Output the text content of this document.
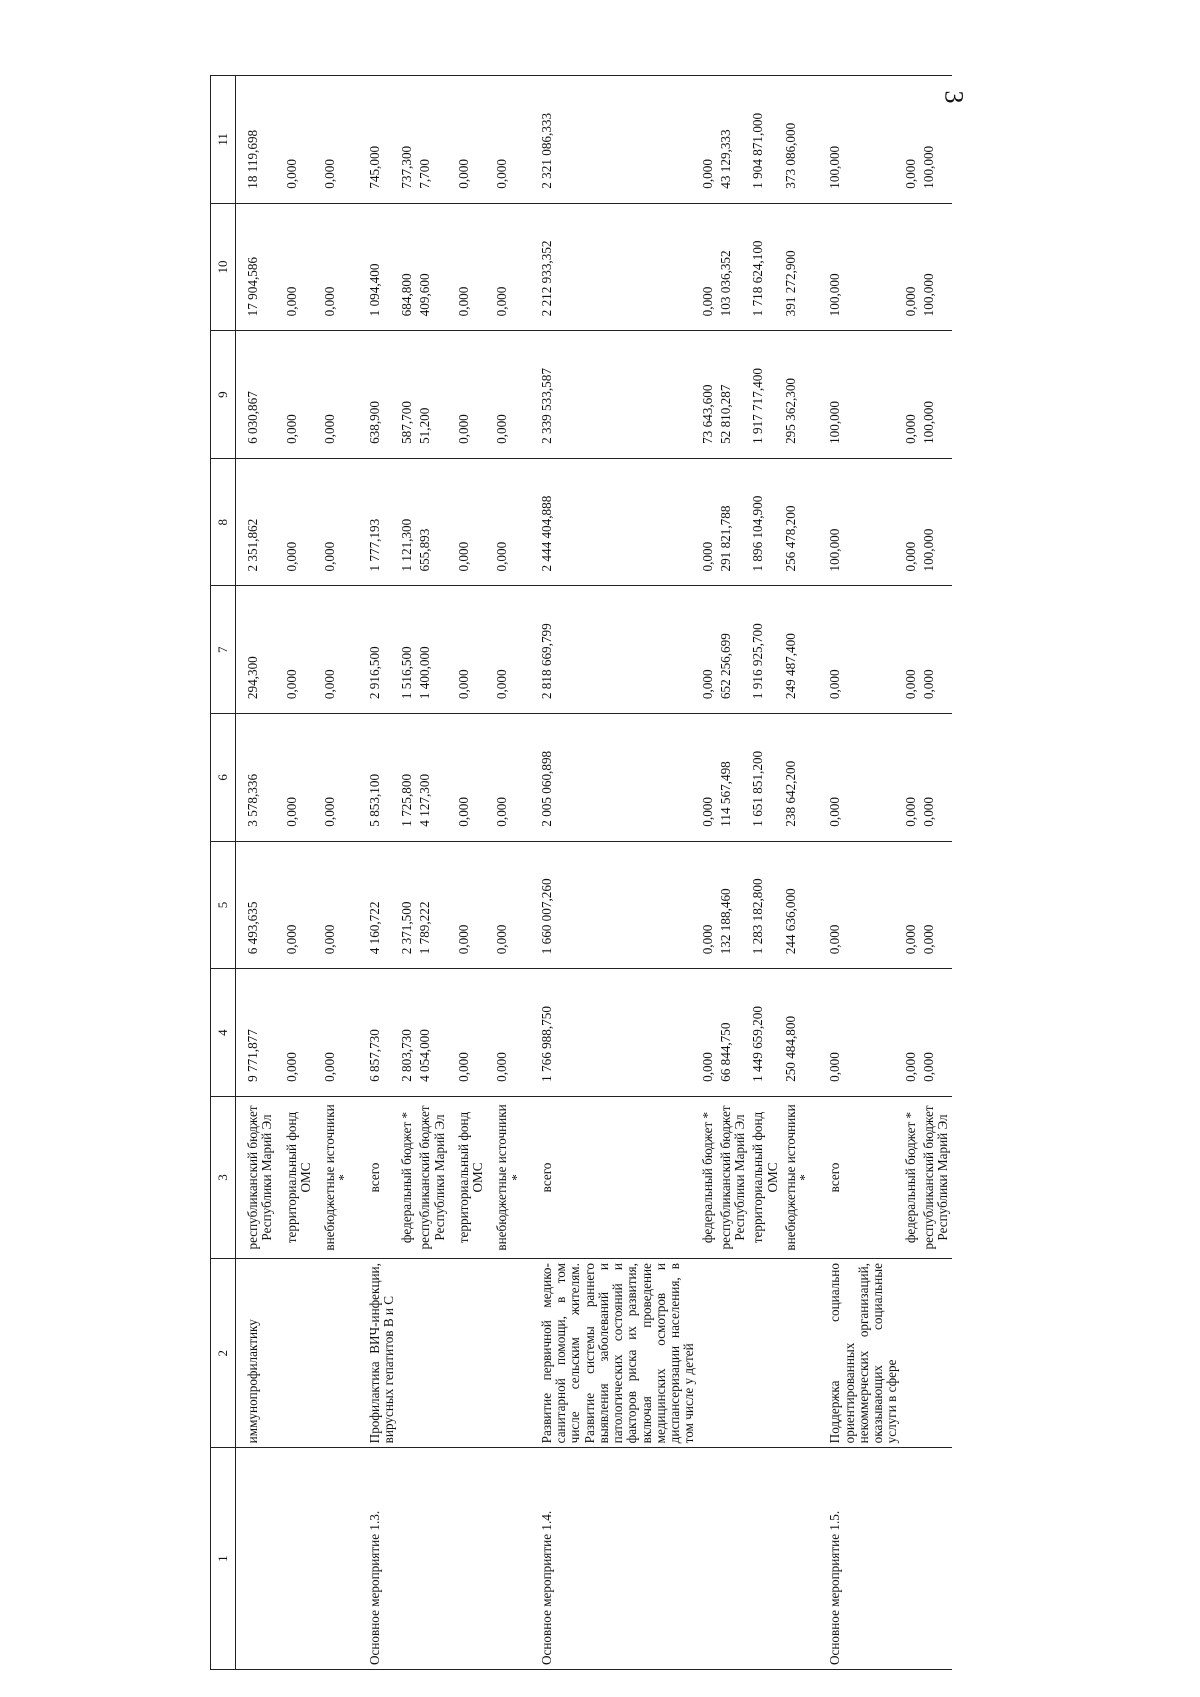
3
1	2	3	4	5	6	7	8	9	10	11
	иммунопрофилактику	республиканский бюджет Республики Марий Эл	9 771,877	6 493,635	3 578,336	294,300	2 351,862	6 030,867	17 904,586	18 119,698
		территориальный фонд ОМС	0,000	0,000	0,000	0,000	0,000	0,000	0,000	0,000
		внебюджетные источники *	0,000	0,000	0,000	0,000	0,000	0,000	0,000	0,000
Основное мероприятие 1.3.	Профилактика ВИЧ-инфекции, вирусных гепатитов В и С	всего	6 857,730	4 160,722	5 853,100	2 916,500	1 777,193	638,900	1 094,400	745,000
		федеральный бюджет *	2 803,730	2 371,500	1 725,800	1 516,500	1 121,300	587,700	684,800	737,300
		республиканский бюджет Республики Марий Эл	4 054,000	1 789,222	4 127,300	1 400,000	655,893	51,200	409,600	7,700
		территориальный фонд ОМС	0,000	0,000	0,000	0,000	0,000	0,000	0,000	0,000
		внебюджетные источники *	0,000	0,000	0,000	0,000	0,000	0,000	0,000	0,000
Основное мероприятие 1.4.	Развитие первичной медико-санитарной помощи, в том числе сельским жителям. Развитие системы раннего выявления заболеваний и патологических состояний и факторов риска их развития, включая проведение медицинских осмотров и диспансеризации населения, в том числе у детей	всего	1 766 988,750	1 660 007,260	2 005 060,898	2 818 669,799	2 444 404,888	2 339 533,587	2 212 933,352	2 321 086,333
		федеральный бюджет *	0,000	0,000	0,000	0,000	0,000	73 643,600	0,000	0,000
		республиканский бюджет Республики Марий Эл	66 844,750	132 188,460	114 567,498	652 256,699	291 821,788	52 810,287	103 036,352	43 129,333
		территориальный фонд ОМС	1 449 659,200	1 283 182,800	1 651 851,200	1 916 925,700	1 896 104,900	1 917 717,400	1 718 624,100	1 904 871,000
		внебюджетные источники *	250 484,800	244 636,000	238 642,200	249 487,400	256 478,200	295 362,300	391 272,900	373 086,000
Основное мероприятие 1.5.	Поддержка социально ориентированных некоммерческих организаций, оказывающих социальные услуги в сфере	всего	0,000	0,000	0,000	0,000	100,000	100,000	100,000	100,000
		федеральный бюджет *	0,000	0,000	0,000	0,000	0,000	0,000	0,000	0,000
		республиканский бюджет Республики Марий Эл	0,000	0,000	0,000	0,000	100,000	100,000	100,000	100,000
